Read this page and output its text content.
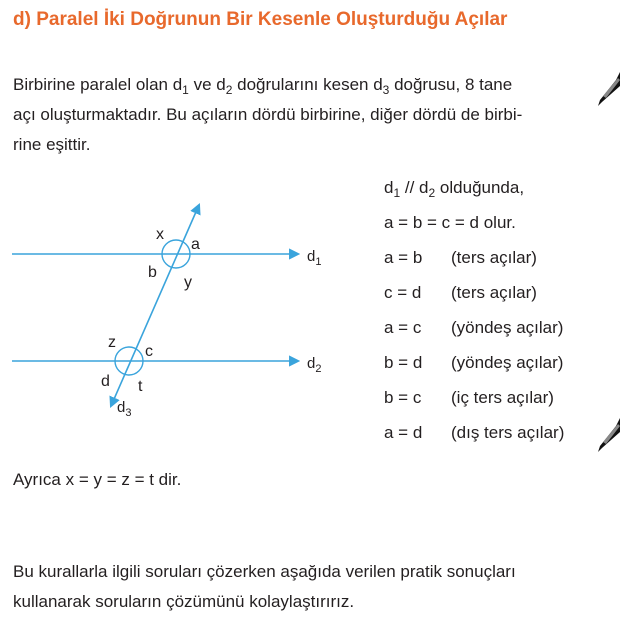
d) Paralel İki Doğrunun Bir Kesenle Oluşturduğu Açılar
Birbirine paralel olan $d_1$ ve $d_2$ doğrularını kesen $d_3$ doğrusu, 8 tane
açı oluşturmaktadır. Bu açıların dördü birbirine, diğer dördü de birbi-
rine eşittir.
$d_1$
$d_2$
$d_3$
x
a
b
y
z
c
d t
$d_1 // d_2$ olduğunda,
a = b = c = d olur.
a = b (ters açılar)
c = d (ters açılar)
a = c (yöndeş açılar)
b = d (yöndeş açılar)
b = c (iç ters açılar)
a = d (dış ters açılar)
Ayrıca x = y = z = t dir.
Bu kurallarla ilgili soruları çözerken aşağıda verilen pratik sonuçları
kullanarak soruların çözümünü kolaylaştırırız.
